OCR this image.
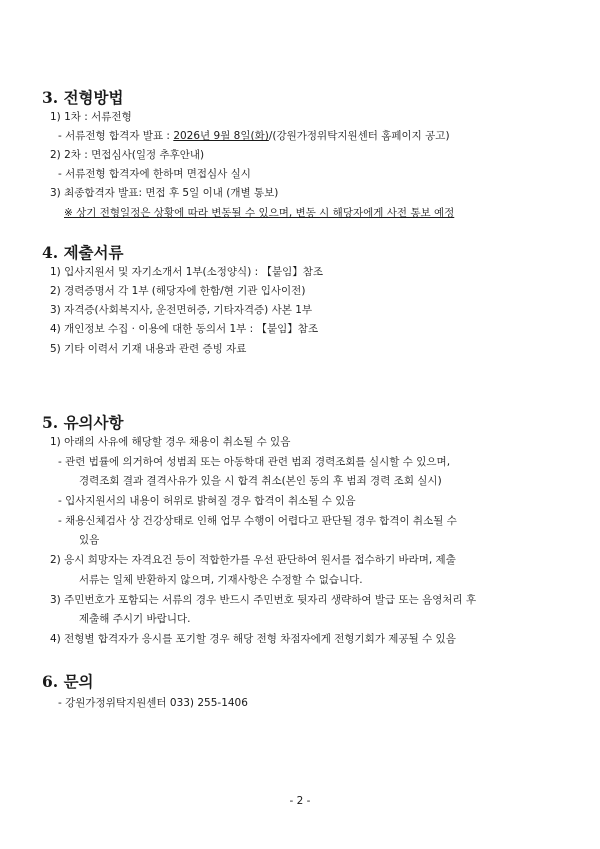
3. 전형방법
1) 1차 : 서류전형
- 서류전형 합격자 발표 : 2026년 9월 8일(화)/(강원가정위탁지원센터 홈페이지 공고)
2) 2차 : 면접심사(일정 추후안내)
- 서류전형 합격자에 한하며 면접심사 실시
3) 최종합격자 발표: 면접 후 5일 이내 (개별 통보)
※ 상기 전형일정은 상황에 따라 변동될 수 있으며, 변동 시 해당자에게 사전 통보 예정
4. 제출서류
1) 입사지원서 및 자기소개서 1부(소정양식) : 【붙임】참조
2) 경력증명서 각 1부 (해당자에 한함/현 기관 입사이전)
3) 자격증(사회복지사, 운전면허증, 기타자격증) 사본 1부
4) 개인정보 수집 · 이용에 대한 동의서 1부 : 【붙임】참조
5) 기타 이력서 기재 내용과 관련 증빙 자료
5. 유의사항
1) 아래의 사유에 해당할 경우 채용이 취소될 수 있음
- 관련 법률에 의거하여 성범죄 또는 아동학대 관련 범죄 경력조회를 실시할 수 있으며,
경력조회 결과 결격사유가 있을 시 합격 취소(본인 동의 후 범죄 경력 조회 실시)
- 입사지원서의 내용이 허위로 밝혀질 경우 합격이 취소될 수 있음
- 채용신체검사 상 건강상태로 인해 업무 수행이 어렵다고 판단될 경우 합격이 취소될 수
있음
2) 응시 희망자는 자격요건 등이 적합한가를 우선 판단하여 원서를 접수하기 바라며, 제출
서류는 일체 반환하지 않으며, 기재사항은 수정할 수 없습니다.
3) 주민번호가 포함되는 서류의 경우 반드시 주민번호 뒷자리 생략하여 발급 또는 음영처리 후
제출해 주시기 바랍니다.
4) 전형별 합격자가 응시를 포기할 경우 해당 전형 차점자에게 전형기회가 제공될 수 있음
6. 문의
- 강원가정위탁지원센터 033) 255-1406
- 2 -
